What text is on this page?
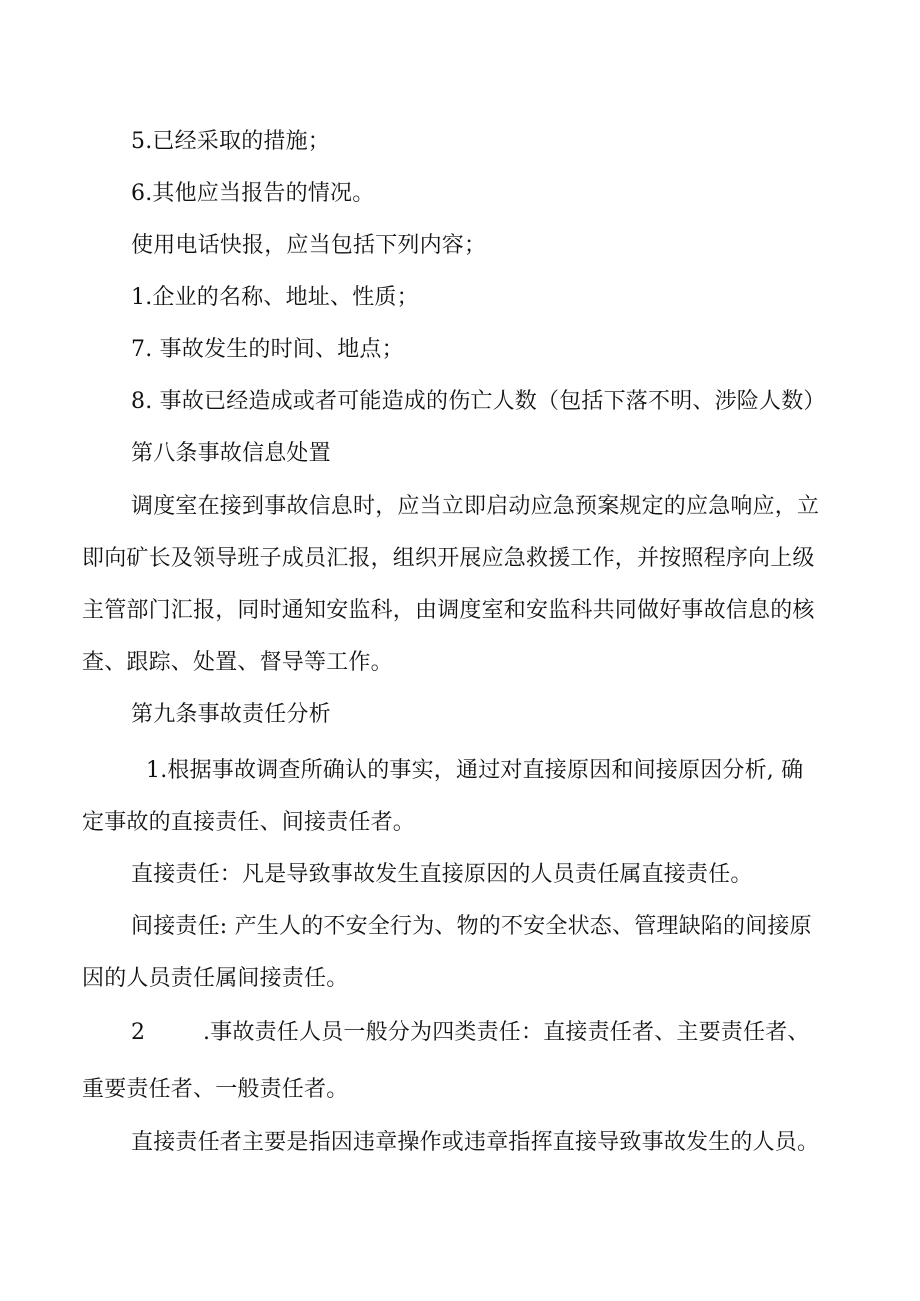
5.已经采取的措施；

6.其他应当报告的情况。

使用电话快报，应当包括下列内容；

1.企业的名称、地址、性质；

7. 事故发生的时间、地点；

8. 事故已经造成或者可能造成的伤亡人数（包括下落不明、涉险人数）

第八条事故信息处置

调度室在接到事故信息时，应当立即启动应急预案规定的应急响应，立

即向矿长及领导班子成员汇报，组织开展应急救援工作，并按照程序向上级

主管部门汇报，同时通知安监科，由调度室和安监科共同做好事故信息的核

查、跟踪、处置、督导等工作。

第九条事故责任分析

1.根据事故调查所确认的事实，通过对直接原因和间接原因分析, 确

定事故的直接责任、间接责任者。

直接责任：凡是导致事故发生直接原因的人员责任属直接责任。

间接责任: 产生人的不安全行为、物的不安全状态、管理缺陷的间接原

因的人员责任属间接责任。

2	.事故责任人员一般分为四类责任：直接责任者、主要责任者、

重要责任者、一般责任者。

直接责任者主要是指因违章操作或违章指挥直接导致事故发生的人员。
